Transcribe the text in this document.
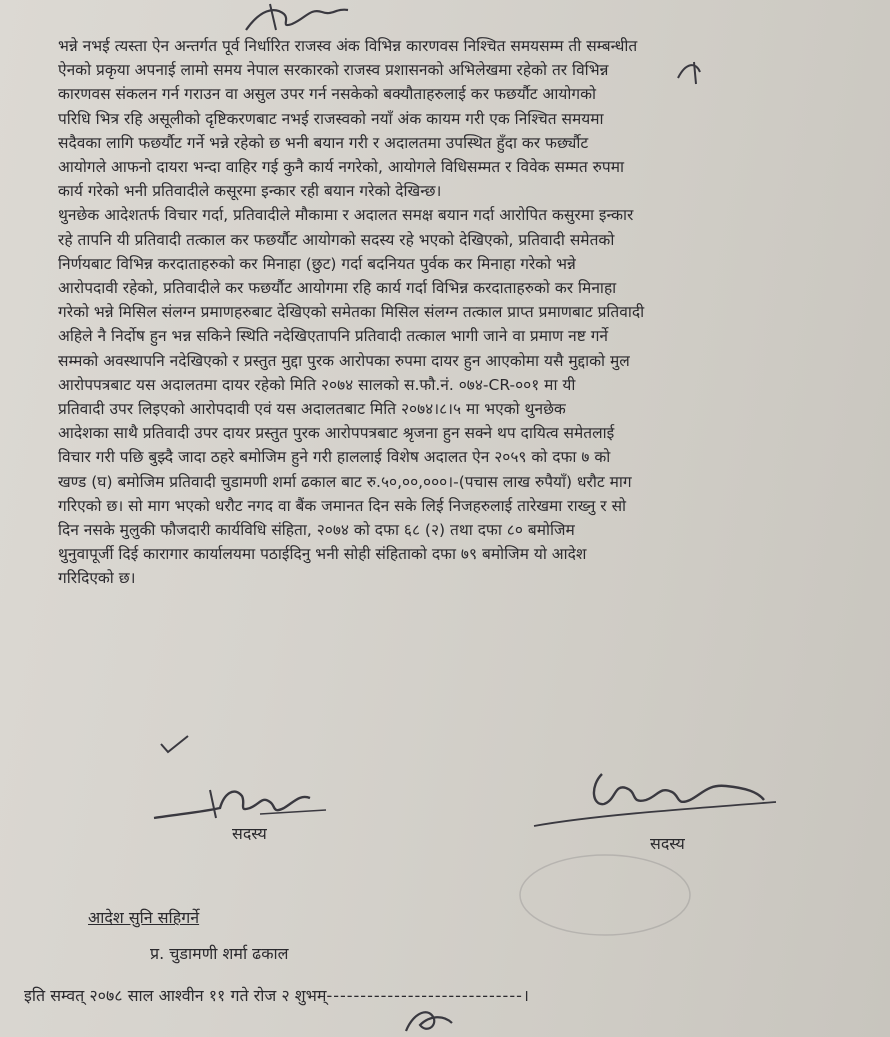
भन्ने नभई त्यस्ता ऐन अन्तर्गत पूर्व निर्धारित राजस्व अंक विभिन्न कारणवस निश्चित समयसम्म ती सम्बन्धीत
ऐनको प्रकृया अपनाई लामो समय नेपाल सरकारको राजस्व प्रशासनको अभिलेखमा रहेको तर विभिन्न
कारणवस संकलन गर्न गराउन वा असुल उपर गर्न नसकेको बक्यौताहरुलाई कर फछर्यौट आयोगको
परिधि भित्र रहि असूलीको दृष्टिकरणबाट नभई राजस्वको नयाँ अंक कायम गरी एक निश्चित समयमा
सदैवका लागि फछर्यौट गर्ने भन्ने रहेको छ भनी बयान गरी र अदालतमा उपस्थित हुँदा कर फर्छ्यौट
आयोगले आफनो दायरा भन्दा वाहिर गई कुनै कार्य नगरेको, आयोगले विधिसम्मत र विवेक सम्मत रुपमा
कार्य गरेको भनी प्रतिवादीले कसूरमा इन्कार रही बयान गरेको देखिन्छ।
थुनछेक आदेशतर्फ विचार गर्दा, प्रतिवादीले मौकामा र अदालत समक्ष बयान गर्दा आरोपित कसुरमा इन्कार
रहे तापनि यी प्रतिवादी तत्काल कर फछर्यौट आयोगको सदस्य रहे भएको देखिएको, प्रतिवादी समेतको
निर्णयबाट विभिन्न करदाताहरुको कर मिनाहा (छुट) गर्दा बदनियत पुर्वक कर मिनाहा गरेको भन्ने
आरोपदावी रहेको, प्रतिवादीले कर फछर्यौट आयोगमा रहि कार्य गर्दा विभिन्न करदाताहरुको कर मिनाहा
गरेको भन्ने मिसिल संलग्न प्रमाणहरुबाट देखिएको समेतका मिसिल संलग्न तत्काल प्राप्त प्रमाणबाट प्रतिवादी
अहिले नै निर्दोष हुन भन्न सकिने स्थिति नदेखिएतापनि प्रतिवादी तत्काल भागी जाने वा प्रमाण नष्ट गर्ने
सम्मको अवस्थापनि नदेखिएको र प्रस्तुत मुद्दा पुरक आरोपका रुपमा दायर हुन आएकोमा यसै मुद्दाको मुल
आरोपपत्रबाट यस अदालतमा दायर रहेको मिति २०७४ सालको स.फौ.नं. ०७४-CR-००१ मा यी
प्रतिवादी उपर लिइएको आरोपदावी एवं यस अदालतबाट मिति २०७४।८।५ मा भएको थुनछेक
आदेशका साथै प्रतिवादी उपर दायर प्रस्तुत पुरक आरोपपत्रबाट श्रृजना हुन सक्ने थप दायित्व समेतलाई
विचार गरी पछि बुझ्दै जादा ठहरे बमोजिम हुने गरी हाललाई विशेष अदालत ऐन २०५९ को दफा ७ को
खण्ड (घ) बमोजिम प्रतिवादी चुडामणी शर्मा ढकाल बाट रु.५०,००,०००।-(पचास लाख रुपैयाँ) धरौट माग
गरिएको छ। सो माग भएको धरौट नगद वा बैंक जमानत दिन सके लिई निजहरुलाई तारेखमा राख्नु र सो
दिन नसके मुलुकी फौजदारी कार्यविधि संहिता, २०७४ को दफा ६८ (२) तथा दफा ८० बमोजिम
थुनुवापूर्जी दिई कारागार कार्यालयमा पठाईदिनु भनी सोही संहिताको दफा ७९ बमोजिम यो आदेश
गरिदिएको छ।
सदस्य
सदस्य
आदेश सुनि सहिगर्ने
प्र. चुडामणी शर्मा ढकाल
इति सम्वत् २०७८ साल आश्वीन ११ गते रोज २ शुभम्-----------------------------।
